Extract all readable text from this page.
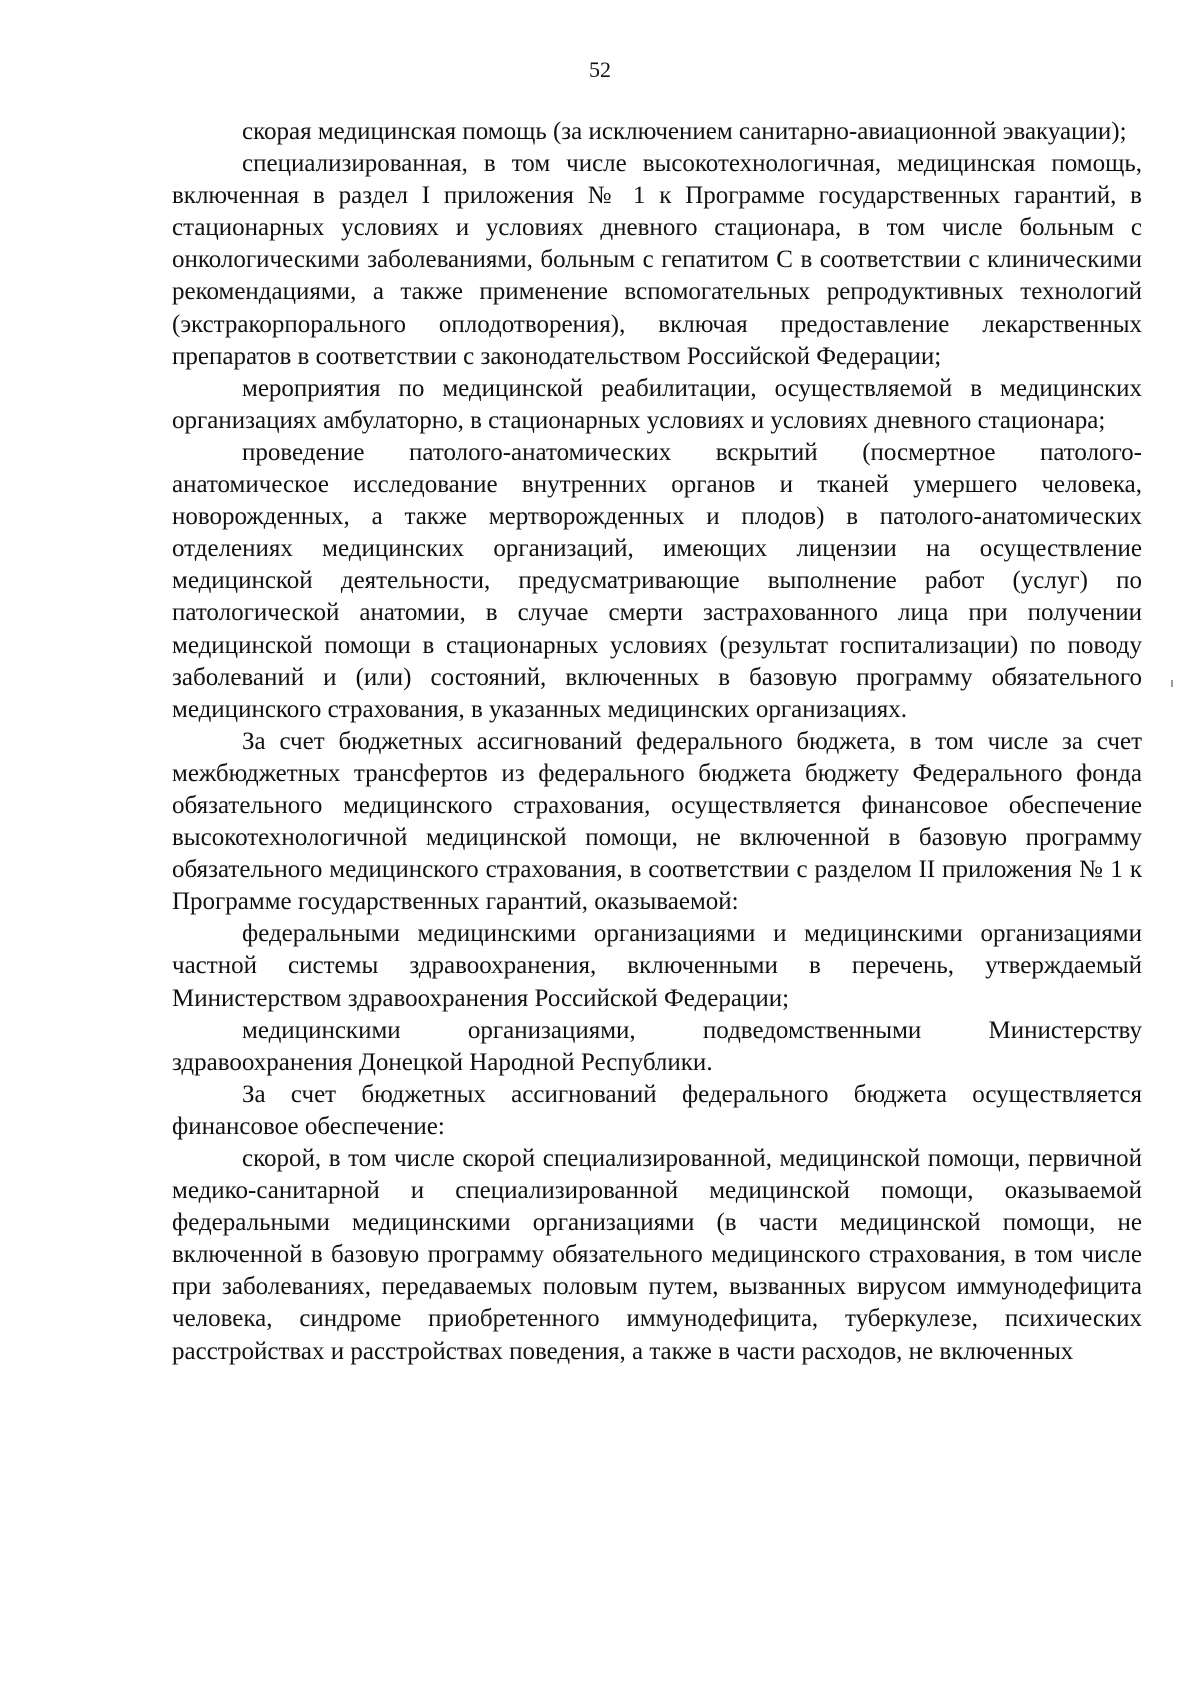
52

скорая медицинская помощь (за исключением санитарно-авиационной эвакуации);

специализированная, в том числе высокотехнологичная, медицинская помощь, включенная в раздел I приложения № 1 к Программе государственных гарантий, в стационарных условиях и условиях дневного стационара, в том числе больным с онкологическими заболеваниями, больным с гепатитом С в соответствии с клиническими рекомендациями, а также применение вспомогательных репродуктивных технологий (экстракорпорального оплодотворения), включая предоставление лекарственных препаратов в соответствии с законодательством Российской Федерации;

мероприятия по медицинской реабилитации, осуществляемой в медицинских организациях амбулаторно, в стационарных условиях и условиях дневного стационара;

проведение патолого-анатомических вскрытий (посмертное патолого-анатомическое исследование внутренних органов и тканей умершего человека, новорожденных, а также мертворожденных и плодов) в патолого-анатомических отделениях медицинских организаций, имеющих лицензии на осуществление медицинской деятельности, предусматривающие выполнение работ (услуг) по патологической анатомии, в случае смерти застрахованного лица при получении медицинской помощи в стационарных условиях (результат госпитализации) по поводу заболеваний и (или) состояний, включенных в базовую программу обязательного медицинского страхования, в указанных медицинских организациях.

За счет бюджетных ассигнований федерального бюджета, в том числе за счет межбюджетных трансфертов из федерального бюджета бюджету Федерального фонда обязательного медицинского страхования, осуществляется финансовое обеспечение высокотехнологичной медицинской помощи, не включенной в базовую программу обязательного медицинского страхования, в соответствии с разделом II приложения № 1 к Программе государственных гарантий, оказываемой:

федеральными медицинскими организациями и медицинскими организациями частной системы здравоохранения, включенными в перечень, утверждаемый Министерством здравоохранения Российской Федерации;

медицинскими организациями, подведомственными Министерству здравоохранения Донецкой Народной Республики.

За счет бюджетных ассигнований федерального бюджета осуществляется финансовое обеспечение:

скорой, в том числе скорой специализированной, медицинской помощи, первичной медико-санитарной и специализированной медицинской помощи, оказываемой федеральными медицинскими организациями (в части медицинской помощи, не включенной в базовую программу обязательного медицинского страхования, в том числе при заболеваниях, передаваемых половым путем, вызванных вирусом иммунодефицита человека, синдроме приобретенного иммунодефицита, туберкулезе, психических расстройствах и расстройствах поведения, а также в части расходов, не включенных
